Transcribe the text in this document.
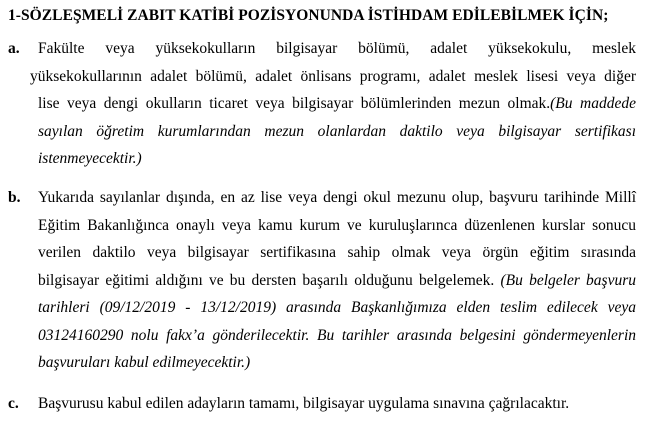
1-SÖZLEŞMELİ ZABIT KATİBİ POZİSYONUNDA İSTİHDAM EDİLEBİLMEK İÇİN;
a. Fakülte veya yüksekokulların bilgisayar bölümü, adalet yüksekokulu, meslek
yüksekokullarının adalet bölümü, adalet önlisans programı, adalet meslek lisesi veya diğer
lise veya dengi okulların ticaret veya bilgisayar bölümlerinden mezun olmak.(Bu maddede
sayılan öğretim kurumlarından mezun olanlardan daktilo veya bilgisayar sertifikası
istenmeyecektir.)
b. Yukarıda sayılanlar dışında, en az lise veya dengi okul mezunu olup, başvuru tarihinde Millî
Eğitim Bakanlığınca onaylı veya kamu kurum ve kuruluşlarınca düzenlenen kurslar sonucu
verilen daktilo veya bilgisayar sertifikasına sahip olmak veya örgün eğitim sırasında
bilgisayar eğitimi aldığını ve bu dersten başarılı olduğunu belgelemek. (Bu belgeler başvuru
tarihleri (09/12/2019 - 13/12/2019) arasında Başkanlığımıza elden teslim edilecek veya
03124160290 nolu fakx’a gönderilecektir. Bu tarihler arasında belgesini göndermeyenlerin
başvuruları kabul edilmeyecektir.)
c. Başvurusu kabul edilen adayların tamamı, bilgisayar uygulama sınavına çağrılacaktır.
